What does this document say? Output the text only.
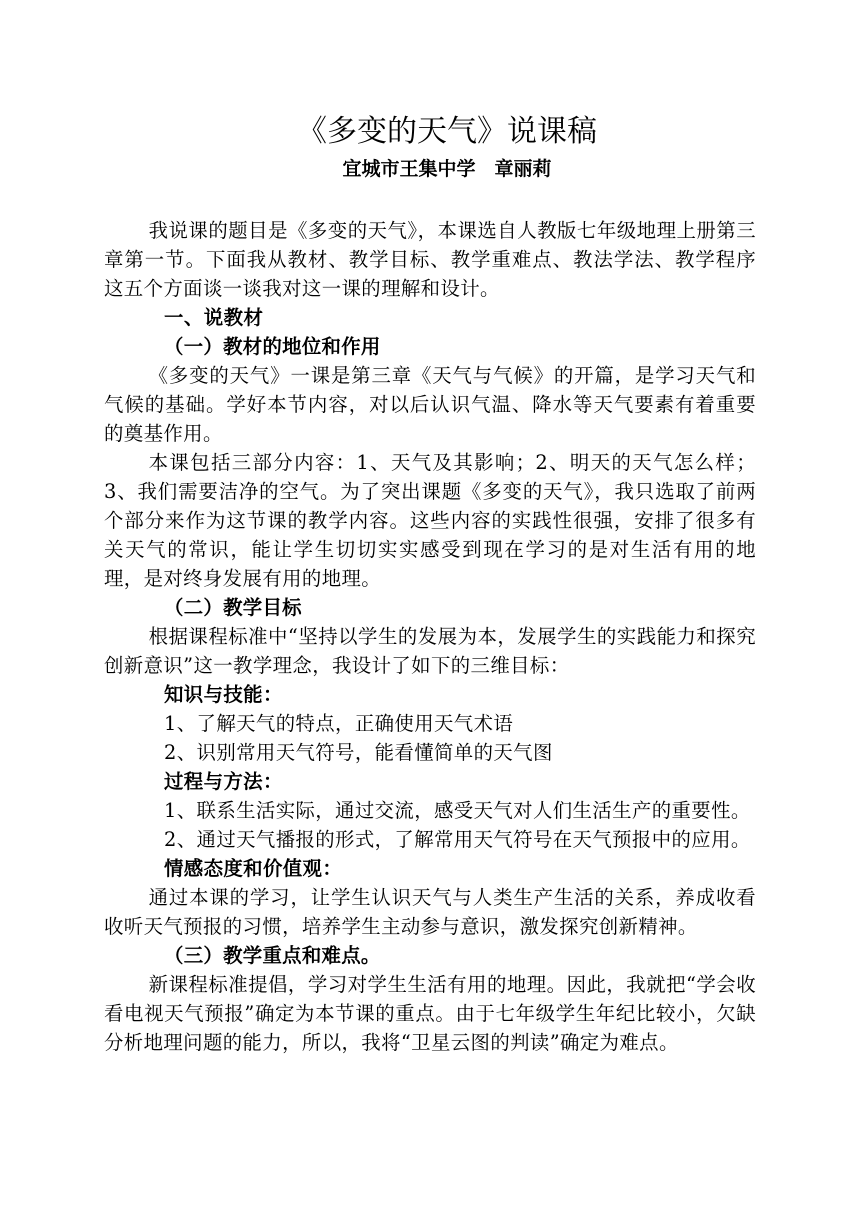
《多变的天气》说课稿
宜城市王集中学　章丽莉

我说课的题目是《多变的天气》，本课选自人教版七年级地理上册第三章第一节。下面我从教材、教学目标、教学重难点、教法学法、教学程序这五个方面谈一谈我对这一课的理解和设计。

一、说教材

（一）教材的地位和作用

《多变的天气》一课是第三章《天气与气候》的开篇，是学习天气和气候的基础。学好本节内容，对以后认识气温、降水等天气要素有着重要的奠基作用。

本课包括三部分内容：1、天气及其影响；2、明天的天气怎么样；3、我们需要洁净的空气。为了突出课题《多变的天气》，我只选取了前两个部分来作为这节课的教学内容。这些内容的实践性很强，安排了很多有关天气的常识，能让学生切切实实感受到现在学习的是对生活有用的地理，是对终身发展有用的地理。

（二）教学目标

根据课程标准中“坚持以学生的发展为本，发展学生的实践能力和探究创新意识”这一教学理念，我设计了如下的三维目标：

知识与技能：

1、了解天气的特点，正确使用天气术语

2、识别常用天气符号，能看懂简单的天气图

过程与方法：

1、联系生活实际，通过交流，感受天气对人们生活生产的重要性。

2、通过天气播报的形式，了解常用天气符号在天气预报中的应用。

情感态度和价值观：

通过本课的学习，让学生认识天气与人类生产生活的关系，养成收看收听天气预报的习惯，培养学生主动参与意识，激发探究创新精神。

（三）教学重点和难点。

新课程标准提倡，学习对学生生活有用的地理。因此，我就把“学会收看电视天气预报”确定为本节课的重点。由于七年级学生年纪比较小，欠缺分析地理问题的能力，所以，我将“卫星云图的判读”确定为难点。
